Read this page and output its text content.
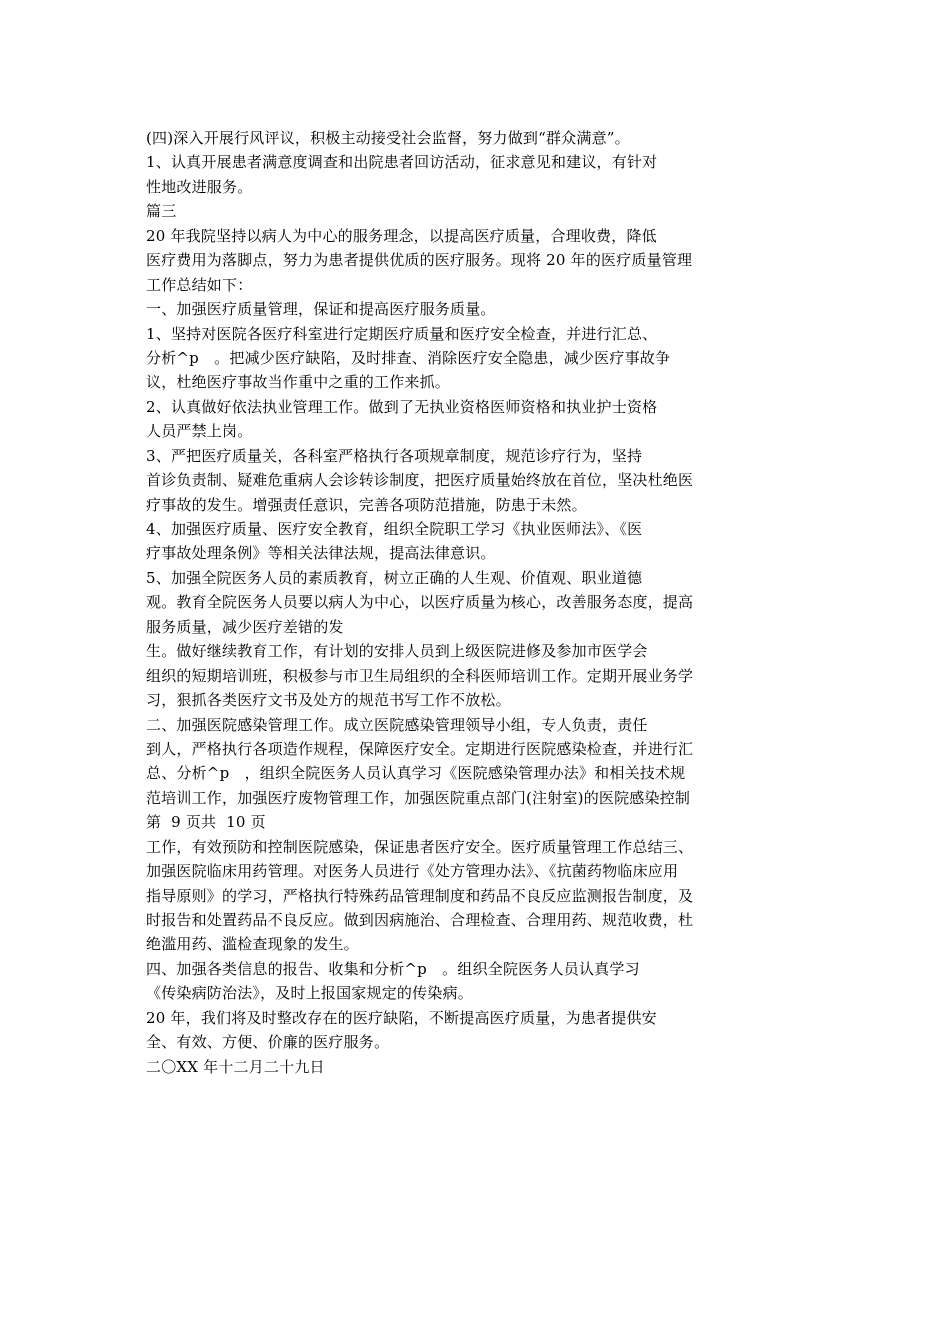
(四)深入开展行风评议，积极主动接受社会监督，努力做到“群众满意”。
1、认真开展患者满意度调查和出院患者回访活动，征求意见和建议，有针对
性地改进服务。
篇三
20 年我院坚持以病人为中心的服务理念，以提高医疗质量，合理收费，降低
医疗费用为落脚点，努力为患者提供优质的医疗服务。现将 20 年的医疗质量管理
工作总结如下：
一、加强医疗质量管理，保证和提高医疗服务质量。
1、坚持对医院各医疗科室进行定期医疗质量和医疗安全检查，并进行汇总、
分析^p　。把减少医疗缺陷，及时排查、消除医疗安全隐患，减少医疗事故争
议，杜绝医疗事故当作重中之重的工作来抓。
2、认真做好依法执业管理工作。做到了无执业资格医师资格和执业护士资格
人员严禁上岗。
3、严把医疗质量关，各科室严格执行各项规章制度，规范诊疗行为，坚持
首诊负责制、疑难危重病人会诊转诊制度，把医疗质量始终放在首位，坚决杜绝医
疗事故的发生。增强责任意识，完善各项防范措施，防患于未然。
4、加强医疗质量、医疗安全教育，组织全院职工学习《执业医师法》、《医
疗事故处理条例》等相关法律法规，提高法律意识。
5、加强全院医务人员的素质教育，树立正确的人生观、价值观、职业道德
观。教育全院医务人员要以病人为中心，以医疗质量为核心，改善服务态度，提高
服务质量，减少医疗差错的发
生。做好继续教育工作，有计划的安排人员到上级医院进修及参加市医学会
组织的短期培训班，积极参与市卫生局组织的全科医师培训工作。定期开展业务学
习，狠抓各类医疗文书及处方的规范书写工作不放松。
二、加强医院感染管理工作。成立医院感染管理领导小组，专人负责，责任
到人，严格执行各项造作规程，保障医疗安全。定期进行医院感染检查，并进行汇
总、分析^p　，组织全院医务人员认真学习《医院感染管理办法》和相关技术规
范培训工作，加强医疗废物管理工作，加强医院重点部门(注射室)的医院感染控制
第  9 页共  10 页
工作，有效预防和控制医院感染，保证患者医疗安全。医疗质量管理工作总结三、
加强医院临床用药管理。对医务人员进行《处方管理办法》、《抗菌药物临床应用
指导原则》的学习，严格执行特殊药品管理制度和药品不良反应监测报告制度，及
时报告和处置药品不良反应。做到因病施治、合理检查、合理用药、规范收费，杜
绝滥用药、滥检查现象的发生。
四、加强各类信息的报告、收集和分析^p　。组织全院医务人员认真学习
《传染病防治法》，及时上报国家规定的传染病。
20 年，我们将及时整改存在的医疗缺陷，不断提高医疗质量，为患者提供安
全、有效、方便、价廉的医疗服务。
二〇XX 年十二月二十九日
